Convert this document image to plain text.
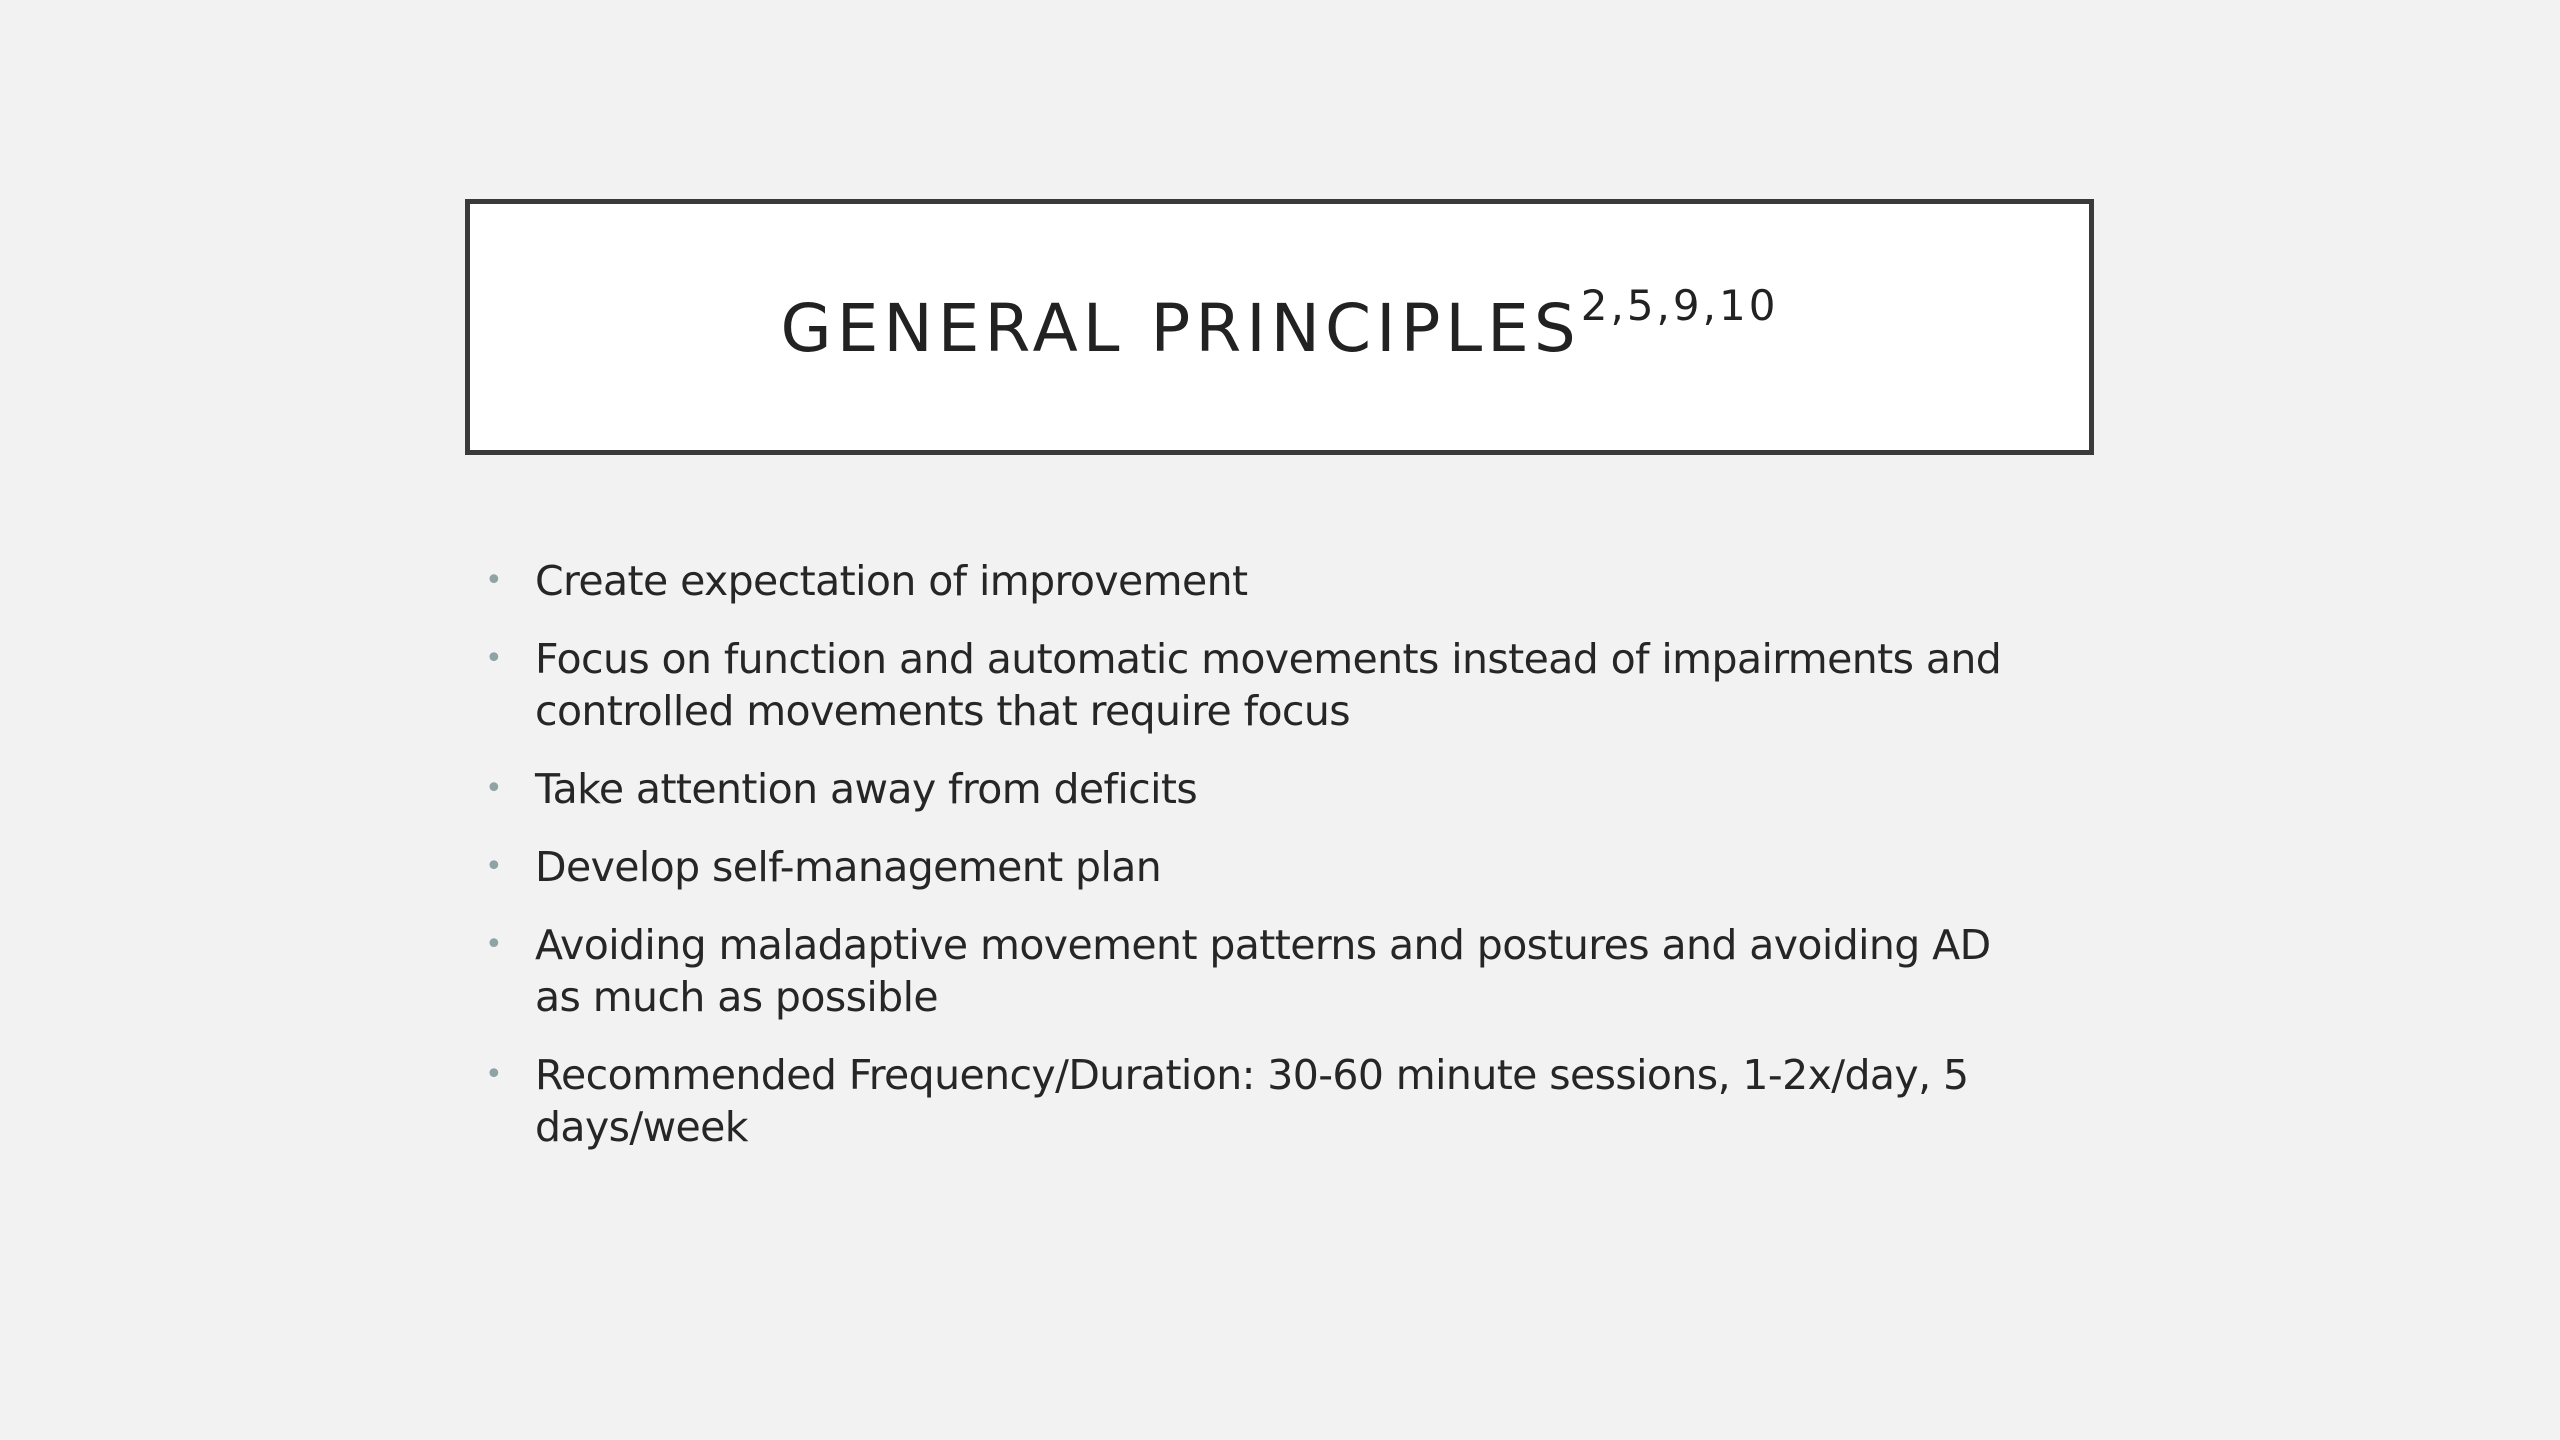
GENERAL PRINCIPLES$^{2,5,9,10}$
• Create expectation of improvement
• Focus on function and automatic movements instead of impairments and controlled movements that require focus
• Take attention away from deficits
• Develop self-management plan
• Avoiding maladaptive movement patterns and postures and avoiding AD as much as possible
• Recommended Frequency/Duration: 30-60 minute sessions, 1-2x/day, 5 days/week
